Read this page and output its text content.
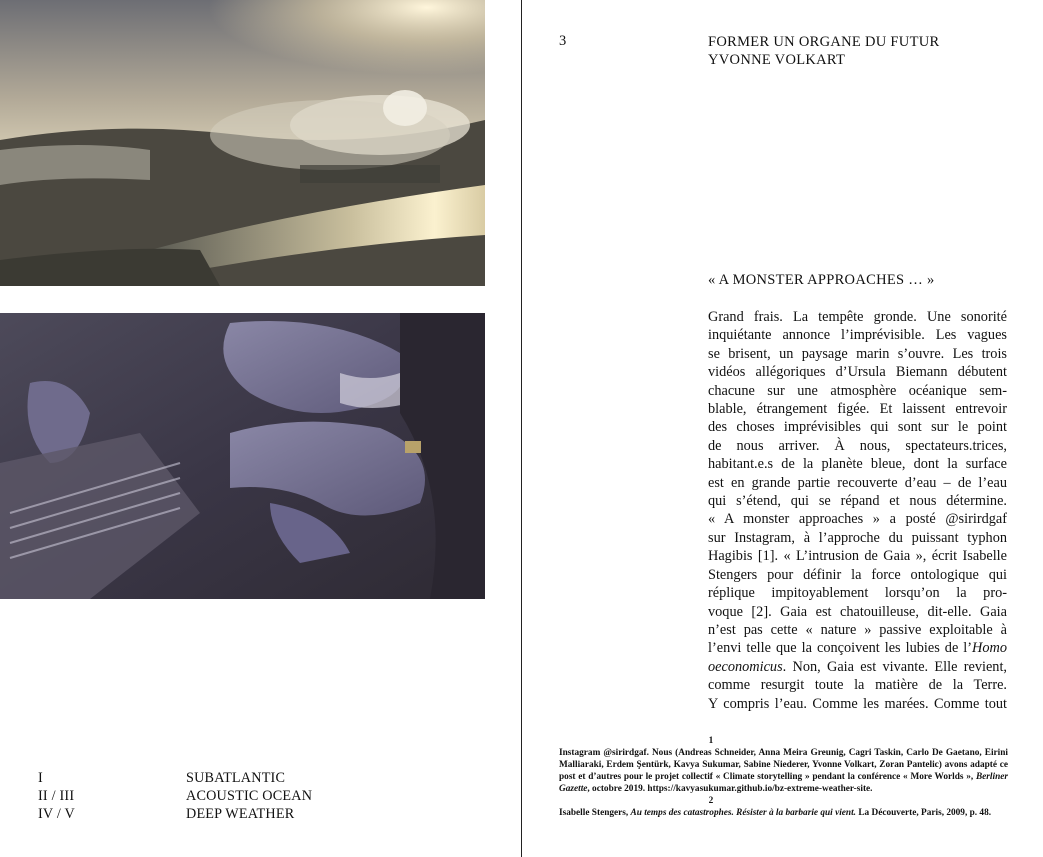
I	SUBATLANTIC
II / III	ACOUSTIC OCEAN
IV / V	DEEP WEATHER
3	FORMER UN ORGANE DU FUTUR
YVONNE VOLKART
« A MONSTER APPROACHES … »
Grand frais. La tempête gronde. Une sonorité
inquiétante annonce l’imprévisible. Les vagues
se brisent, un paysage marin s’ouvre. Les trois
vidéos allégoriques d’Ursula Biemann débutent
chacune sur une atmosphère océanique sem-
blable, étrangement figée. Et laissent entrevoir
des choses imprévisibles qui sont sur le point
de nous arriver. À nous, spectateurs.trices,
habitant.e.s de la planète bleue, dont la surface
est en grande partie recouverte d’eau – de l’eau
qui s’étend, qui se répand et nous détermine.
« A monster approaches » a posté @sirirdgaf
sur Instagram, à l’approche du puissant typhon
Hagibis [1]. « L’intrusion de Gaia », écrit Isabelle
Stengers pour définir la force ontologique qui
réplique impitoyablement lorsqu’on la pro-
voque [2]. Gaia est chatouilleuse, dit-elle. Gaia
n’est pas cette « nature » passive exploitable à
l’envi telle que la conçoivent les lubies de l’Homo
oeconomicus. Non, Gaia est vivante. Elle revient,
comme resurgit toute la matière de la Terre.
Y compris l’eau. Comme les marées. Comme tout
1
Instagram @sirirdgaf. Nous (Andreas Schneider, Anna Meira Greunig, Cagri Taskin, Carlo De Gaetano, Eirini Malliaraki, Erdem Şentürk, Kavya Sukumar, Sabine Niederer, Yvonne Volkart, Zoran Pantelic) avons adapté ce post et d’autres pour le projet collectif « Climate storytelling » pendant la conférence « More Worlds », Berliner Gazette, octobre 2019. https://kavyasukumar.github.io/bz-extreme-weather-site.
2
Isabelle Stengers, Au temps des catastrophes. Résister à la barbarie qui vient. La Découverte, Paris, 2009, p. 48.
